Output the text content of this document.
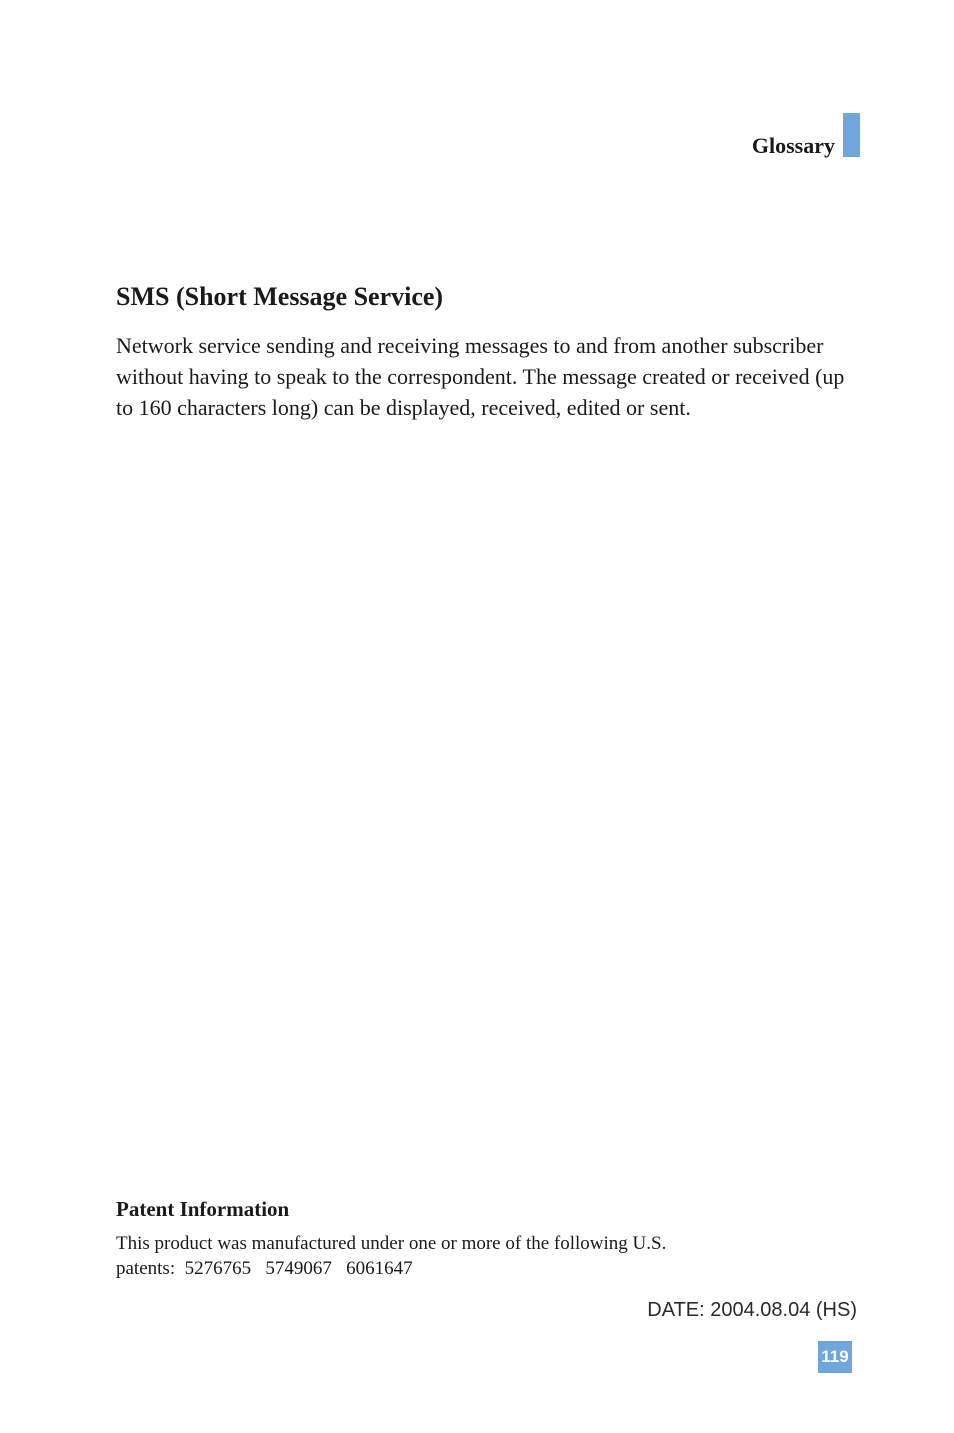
Glossary
SMS (Short Message Service)

Network service sending and receiving messages to and from another subscriber without having to speak to the correspondent. The message created or received (up to 160 characters long) can be displayed, received, edited or sent.

Patent Information
This product was manufactured under one or more of the following U.S.
patents:  5276765   5749067   6061647
DATE: 2004.08.04 (HS)
119
